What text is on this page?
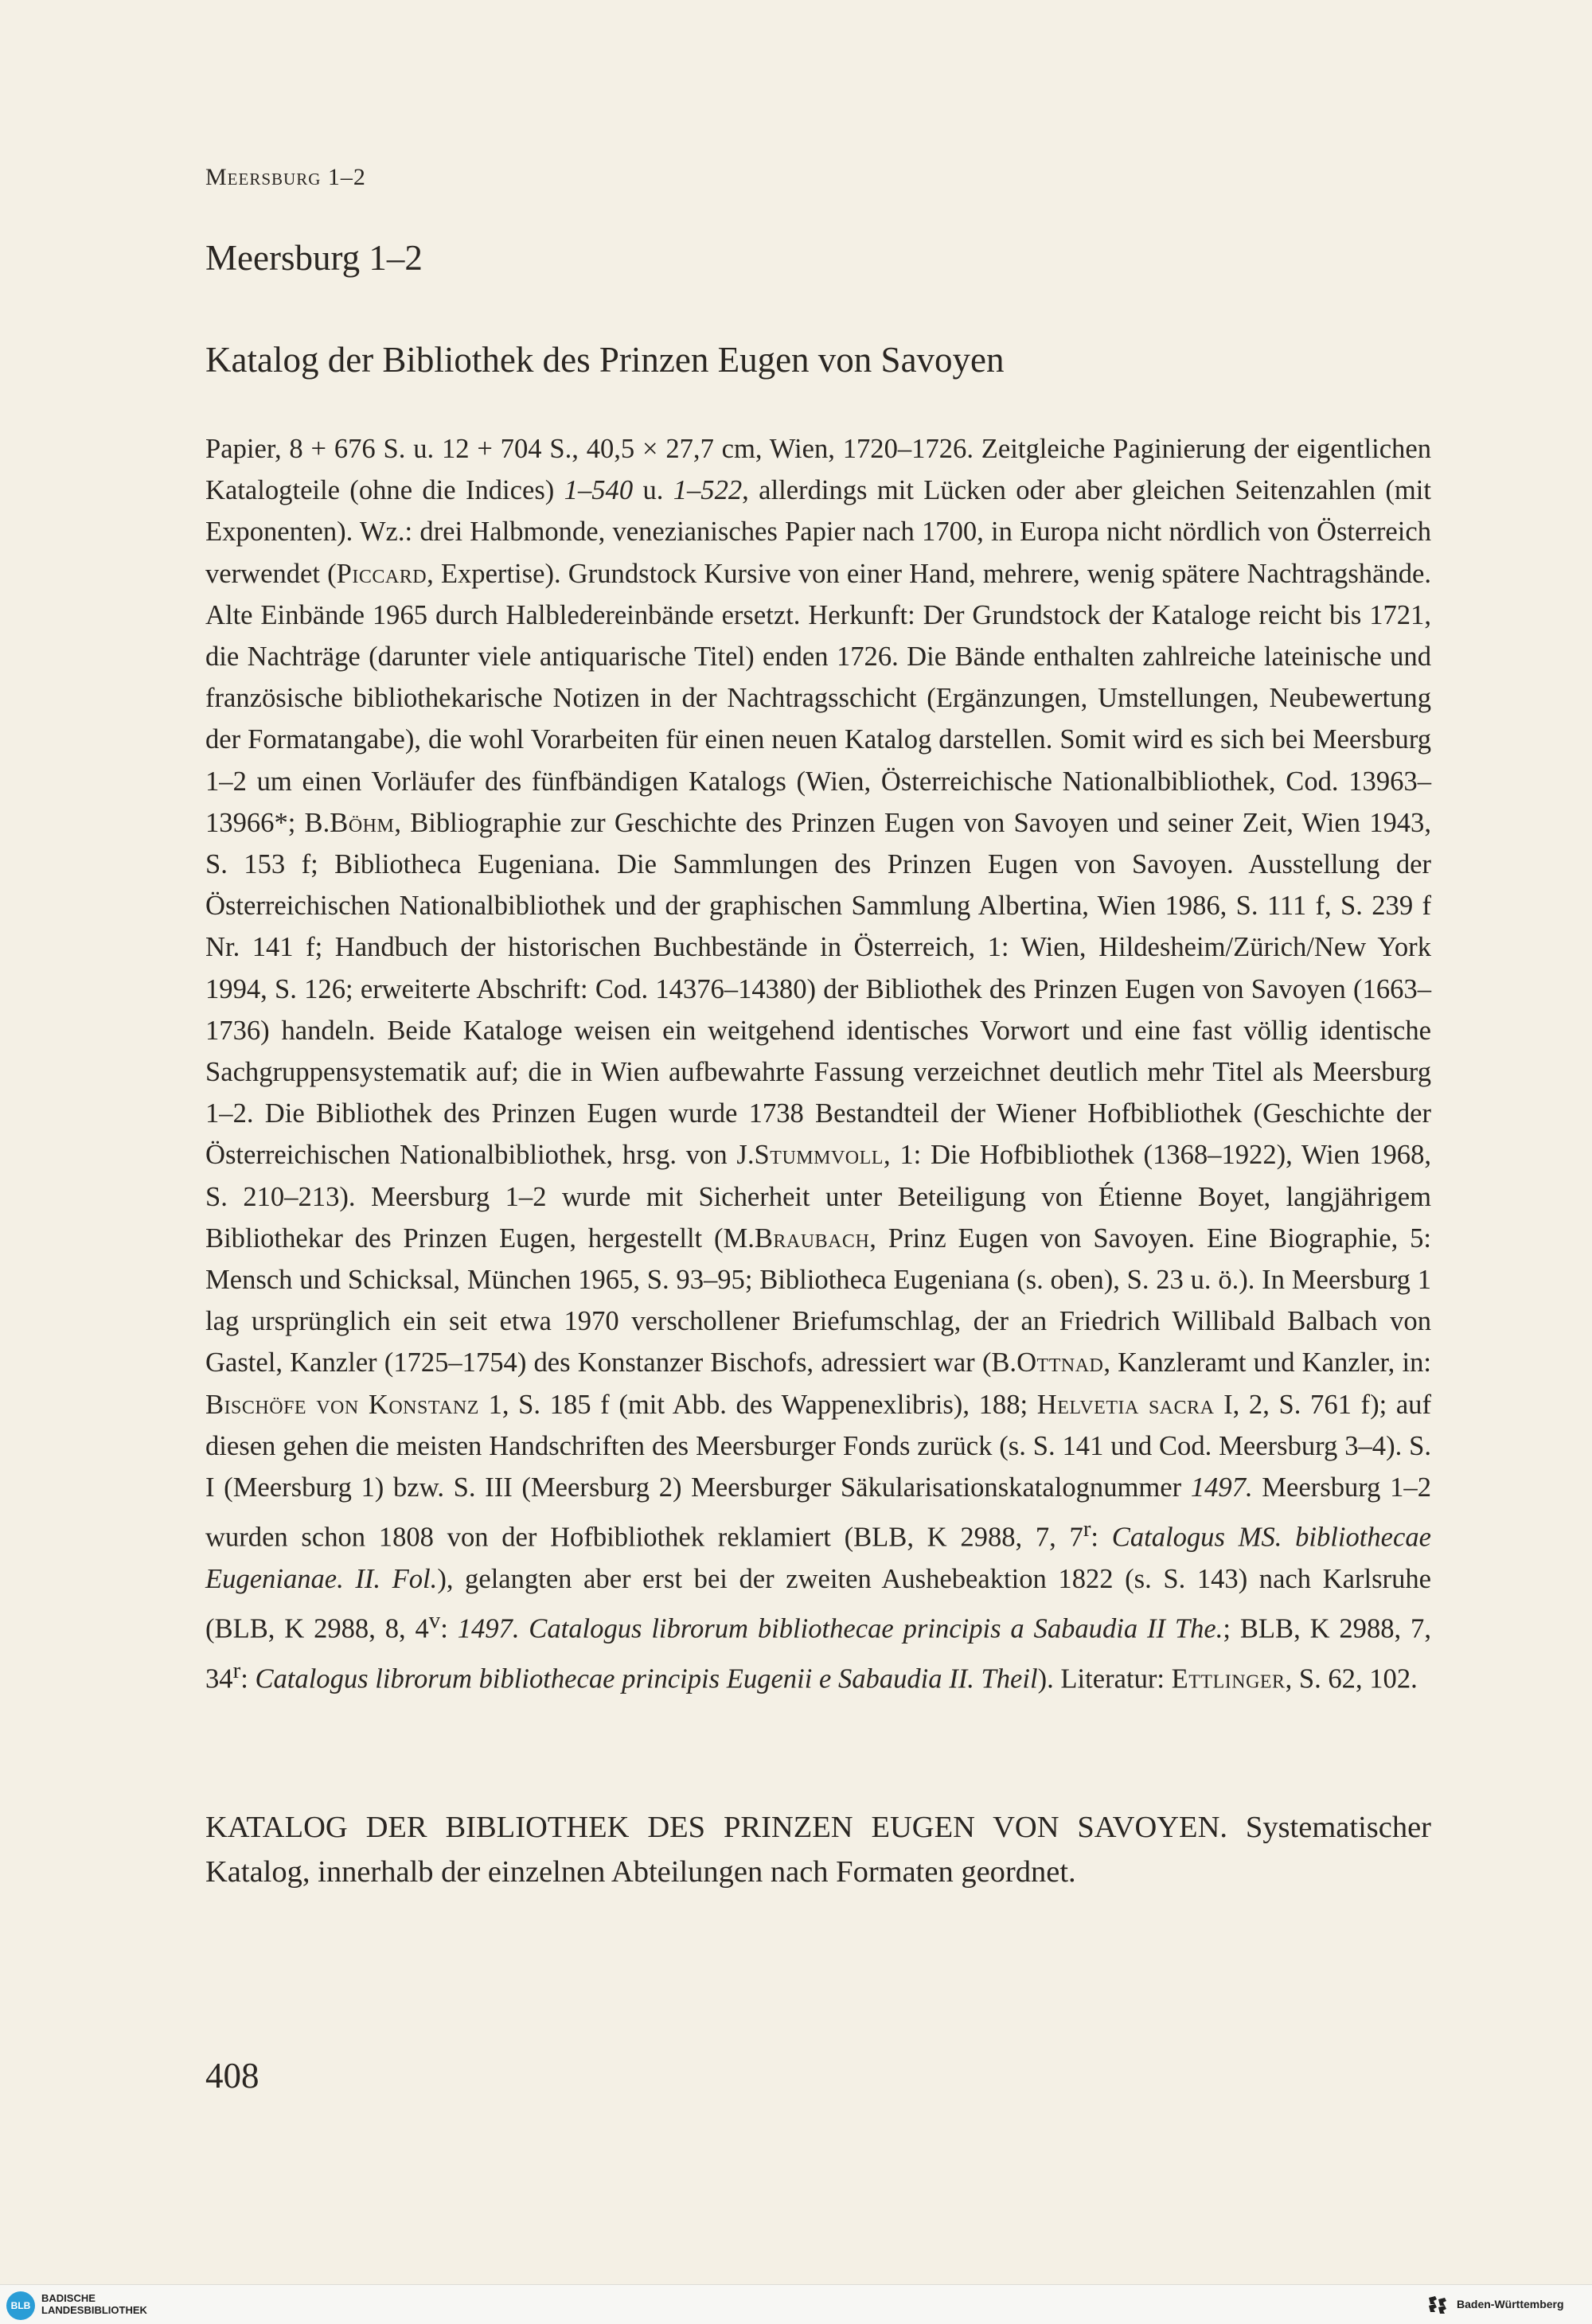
Meersburg 1–2
Meersburg 1–2
Katalog der Bibliothek des Prinzen Eugen von Savoyen

Papier, 8 + 676 S. u. 12 + 704 S., 40,5 × 27,7 cm, Wien, 1720–1726. Zeitgleiche Paginierung der eigentlichen Katalogteile (ohne die Indices) 1–540 u. 1–522, allerdings mit Lücken oder aber gleichen Seitenzahlen (mit Exponenten). Wz.: drei Halbmonde, venezianisches Papier nach 1700, in Europa nicht nördlich von Österreich verwendet (Piccard, Expertise). Grundstock Kursive von einer Hand, mehrere, wenig spätere Nachtragshände. Alte Einbände 1965 durch Halbledereinbände ersetzt. Herkunft: Der Grundstock der Kataloge reicht bis 1721, die Nachträge (darunter viele antiquarische Titel) enden 1726. Die Bände enthalten zahlreiche lateinische und französische bibliothekarische Notizen in der Nachtragsschicht (Ergänzungen, Umstellungen, Neubewertung der Formatangabe), die wohl Vorarbeiten für einen neuen Katalog darstellen. Somit wird es sich bei Meersburg 1–2 um einen Vorläufer des fünfbändigen Katalogs (Wien, Österreichische Nationalbibliothek, Cod. 13963–13966*; B.Böhm, Bibliographie zur Geschichte des Prinzen Eugen von Savoyen und seiner Zeit, Wien 1943, S. 153 f; Bibliotheca Eugeniana. Die Sammlungen des Prinzen Eugen von Savoyen. Ausstellung der Österreichischen Nationalbibliothek und der graphischen Sammlung Albertina, Wien 1986, S. 111 f, S. 239 f Nr. 141 f; Handbuch der historischen Buchbestände in Österreich, 1: Wien, Hildesheim/Zürich/New York 1994, S. 126; erweiterte Abschrift: Cod. 14376–14380) der Bibliothek des Prinzen Eugen von Savoyen (1663–1736) handeln. Beide Kataloge weisen ein weitgehend identisches Vorwort und eine fast völlig identische Sachgruppensystematik auf; die in Wien aufbewahrte Fassung verzeichnet deutlich mehr Titel als Meersburg 1–2. Die Bibliothek des Prinzen Eugen wurde 1738 Bestandteil der Wiener Hofbibliothek (Geschichte der Österreichischen Nationalbibliothek, hrsg. von J.Stummvoll, 1: Die Hofbibliothek (1368–1922), Wien 1968, S. 210–213). Meersburg 1–2 wurde mit Sicherheit unter Beteiligung von Étienne Boyet, langjährigem Bibliothekar des Prinzen Eugen, hergestellt (M.Braubach, Prinz Eugen von Savoyen. Eine Biographie, 5: Mensch und Schicksal, München 1965, S. 93–95; Bibliotheca Eugeniana (s. oben), S. 23 u. ö.). In Meersburg 1 lag ursprünglich ein seit etwa 1970 verschollener Briefumschlag, der an Friedrich Willibald Balbach von Gastel, Kanzler (1725–1754) des Konstanzer Bischofs, adressiert war (B.Ottnad, Kanzleramt und Kanzler, in: Bischöfe von Konstanz 1, S. 185 f (mit Abb. des Wappenexlibris), 188; Helvetia sacra I, 2, S. 761 f); auf diesen gehen die meisten Handschriften des Meersburger Fonds zurück (s. S. 141 und Cod. Meersburg 3–4). S. I (Meersburg 1) bzw. S. III (Meersburg 2) Meersburger Säkularisationskatalognummer 1497. Meersburg 1–2 wurden schon 1808 von der Hofbibliothek reklamiert (BLB, K 2988, 7, 7$^r$: Catalogus MS. bibliothecae Eugenianae. II. Fol.), gelangten aber erst bei der zweiten Aushebeaktion 1822 (s. S. 143) nach Karlsruhe (BLB, K 2988, 8, 4$^v$: 1497. Catalogus librorum bibliothecae principis a Sabaudia II The.; BLB, K 2988, 7, 34$^r$: Catalogus librorum bibliothecae principis Eugenii e Sabaudia II. Theil). Literatur: Ettlinger, S. 62, 102.

KATALOG DER BIBLIOTHEK DES PRINZEN EUGEN VON SAVOYEN. Systematischer Katalog, innerhalb der einzelnen Abteilungen nach Formaten geordnet.

408
BLB
BADISCHE
LANDESBIBLIOTHEK	Baden-Württemberg
